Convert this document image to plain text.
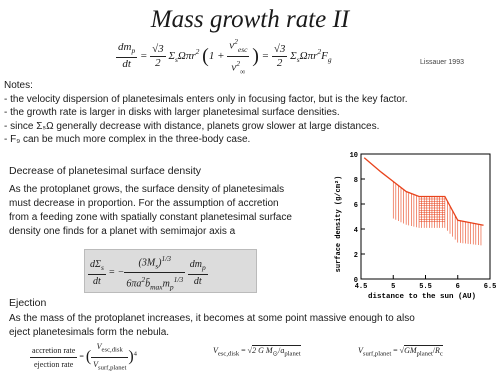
Mass growth rate II
$\frac{dm_p}{dt} = \frac{√3}{2} \Sigma_s\Omega\pi r^2$ ($1 + \frac{v^2_{esc}}{v^2_\infty}$ ) = $\frac{√3}{2} \Sigma_s\Omega\pi r^2F_g$	Lissauer 1993
Notes:
- the velocity dispersion of planetesimals enters only in focusing factor, but is the key factor.
- the growth rate is larger in disks with larger planetesimal surface densities.
- since ΣₛΩ generally decrease with distance, planets grow slower at large distances.
- F₉ can be much more complex in the three-body case.
Decrease of planetesimal surface density
As the protoplanet grows, the surface density of planetesimals
must decrease in proportion. For the assumption of accretion
from a feeding zone with spatially constant planetesimal surface
density one finds for a planet with semimajor axis a
$\frac{d\Sigma_s}{dt}$ = − $\frac{(3M_s)^{1/3}}{6\pi a^2b̄_{max}m_p^{1/3}}$
$\frac{dm_p}{dt}$
surface density (g/cm²)
distance to the sun (AU)
4.5	5	5.5	6	6.5
0
2
4
6
8
10
Ejection
As the mass of the protoplanet increases, it becomes at some point massive enough to also
eject planetesimals form the nebula.
$\frac{\text{accretion rate}}{\text{ejection rate}}$ = ( $\frac{V_{esc,disk}}{V_{surf,planet}} )^4$	$V_{esc,disk} = √2$ G $M_⊙/a_{planet}$	$V_{surf,planet} = √GM_{planet}/R_c$
